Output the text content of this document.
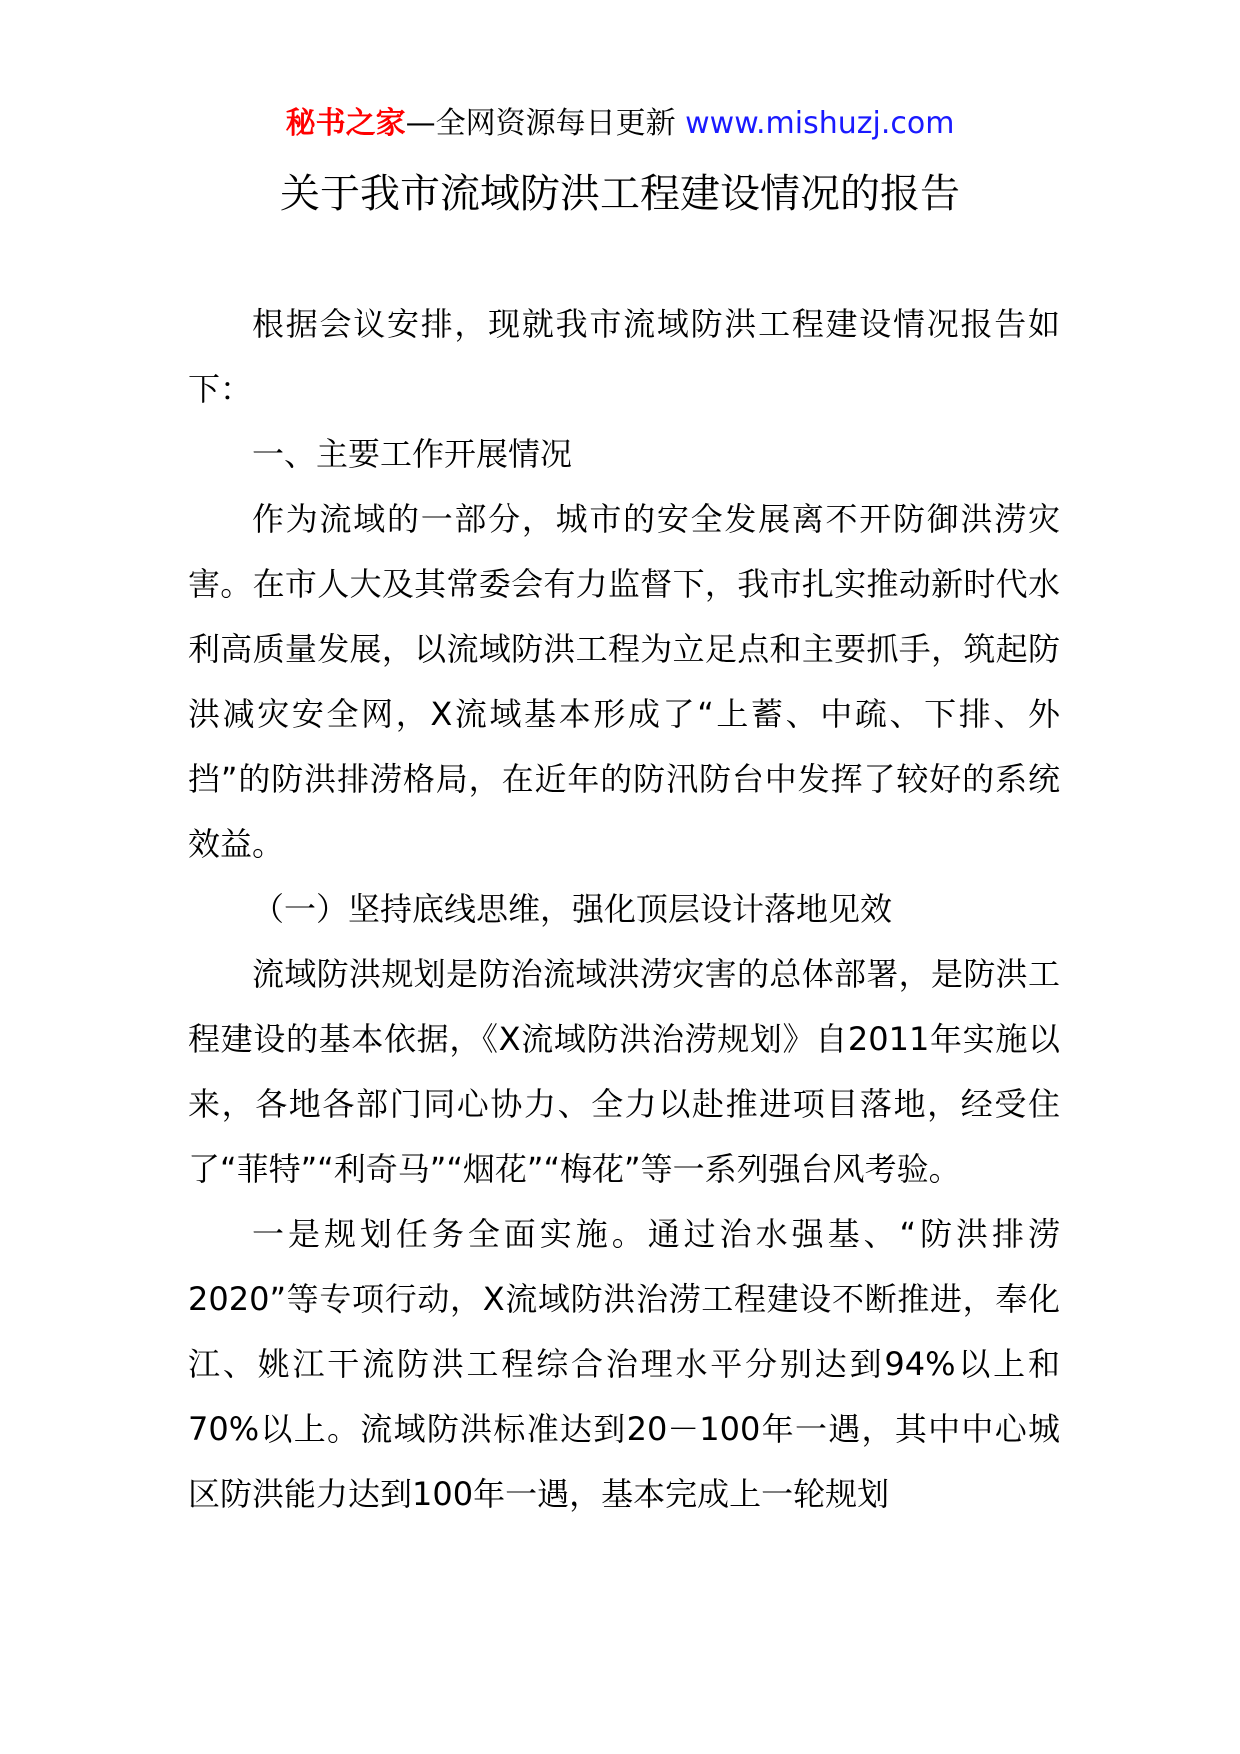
秘书之家—全网资源每日更新 www.mishuzj.com
关于我市流域防洪工程建设情况的报告

根据会议安排，现就我市流域防洪工程建设情况报告如下：

一、主要工作开展情况

作为流域的一部分，城市的安全发展离不开防御洪涝灾害。在市人大及其常委会有力监督下，我市扎实推动新时代水利高质量发展，以流域防洪工程为立足点和主要抓手，筑起防洪减灾安全网，X流域基本形成了“上蓄、中疏、下排、外挡”的防洪排涝格局，在近年的防汛防台中发挥了较好的系统效益。

（一）坚持底线思维，强化顶层设计落地见效

流域防洪规划是防治流域洪涝灾害的总体部署，是防洪工程建设的基本依据，《X流域防洪治涝规划》自2011年实施以来，各地各部门同心协力、全力以赴推进项目落地，经受住了“菲特”“利奇马”“烟花”“梅花”等一系列强台风考验。

一是规划任务全面实施。通过治水强基、“防洪排涝2020”等专项行动，X流域防洪治涝工程建设不断推进，奉化江、姚江干流防洪工程综合治理水平分别达到94%以上和70%以上。流域防洪标准达到20－100年一遇，其中中心城区防洪能力达到100年一遇，基本完成上一轮规划
